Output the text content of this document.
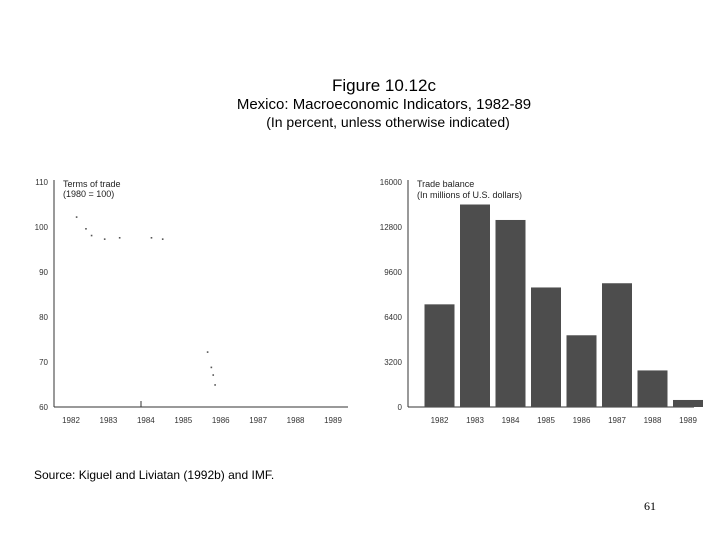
Figure 10.12c
Mexico: Macroeconomic Indicators, 1982-89
(In percent, unless otherwise indicated)
110
100
90
80
70
60
1982 1983 1984 1985 1986 1987 1988 1989
Terms of trade
(1980 = 100)
16000
12800
9600
6400
3200
0
1982 1983 1984 1985 1986 1987 1988 1989
Trade balance
(In millions of U.S. dollars)
Source: Kiguel and Liviatan (1992b) and IMF.
61
